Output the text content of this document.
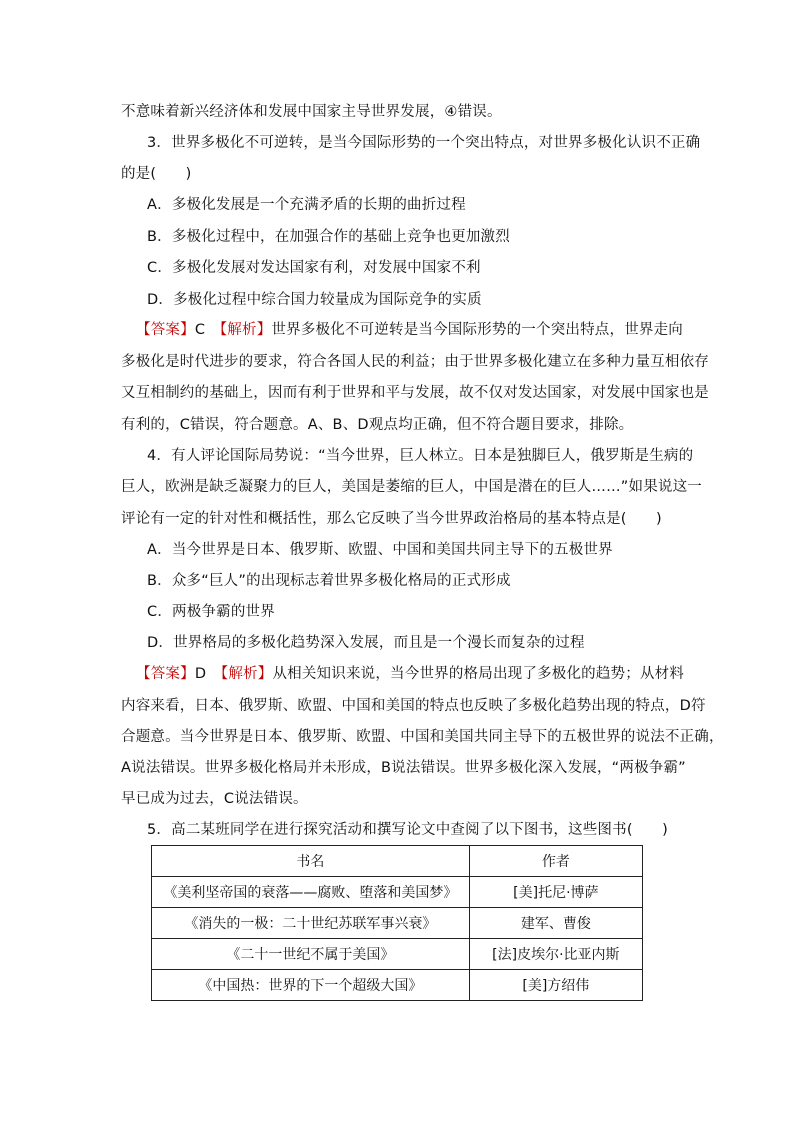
不意味着新兴经济体和发展中国家主导世界发展，④错误。
3．世界多极化不可逆转，是当今国际形势的一个突出特点，对世界多极化认识不正确
的是(　　)
A．多极化发展是一个充满矛盾的长期的曲折过程
B．多极化过程中，在加强合作的基础上竞争也更加激烈
C．多极化发展对发达国家有利，对发展中国家不利
D．多极化过程中综合国力较量成为国际竞争的实质
【答案】C　【解析】世界多极化不可逆转是当今国际形势的一个突出特点，世界走向
多极化是时代进步的要求，符合各国人民的利益；由于世界多极化建立在多种力量互相依存
又互相制约的基础上，因而有利于世界和平与发展，故不仅对发达国家，对发展中国家也是
有利的，C错误，符合题意。A、B、D观点均正确，但不符合题目要求，排除。
4．有人评论国际局势说：“当今世界，巨人林立。日本是独脚巨人，俄罗斯是生病的
巨人，欧洲是缺乏凝聚力的巨人，美国是萎缩的巨人，中国是潜在的巨人……”如果说这一
评论有一定的针对性和概括性，那么它反映了当今世界政治格局的基本特点是(　　)
A．当今世界是日本、俄罗斯、欧盟、中国和美国共同主导下的五极世界
B．众多“巨人”的出现标志着世界多极化格局的正式形成
C．两极争霸的世界
D．世界格局的多极化趋势深入发展，而且是一个漫长而复杂的过程
【答案】D　【解析】从相关知识来说，当今世界的格局出现了多极化的趋势；从材料
内容来看，日本、俄罗斯、欧盟、中国和美国的特点也反映了多极化趋势出现的特点，D符
合题意。当今世界是日本、俄罗斯、欧盟、中国和美国共同主导下的五极世界的说法不正确，
A说法错误。世界多极化格局并未形成，B说法错误。世界多极化深入发展，“两极争霸”
早已成为过去，C说法错误。
5．高二某班同学在进行探究活动和撰写论文中查阅了以下图书，这些图书(　　)
书名	作者
《美利坚帝国的衰落——腐败、堕落和美国梦》	[美]托尼·博萨
《消失的一极：二十世纪苏联军事兴衰》	建军、曹俊
《二十一世纪不属于美国》	[法]皮埃尔·比亚内斯
《中国热：世界的下一个超级大国》	[美]方绍伟
